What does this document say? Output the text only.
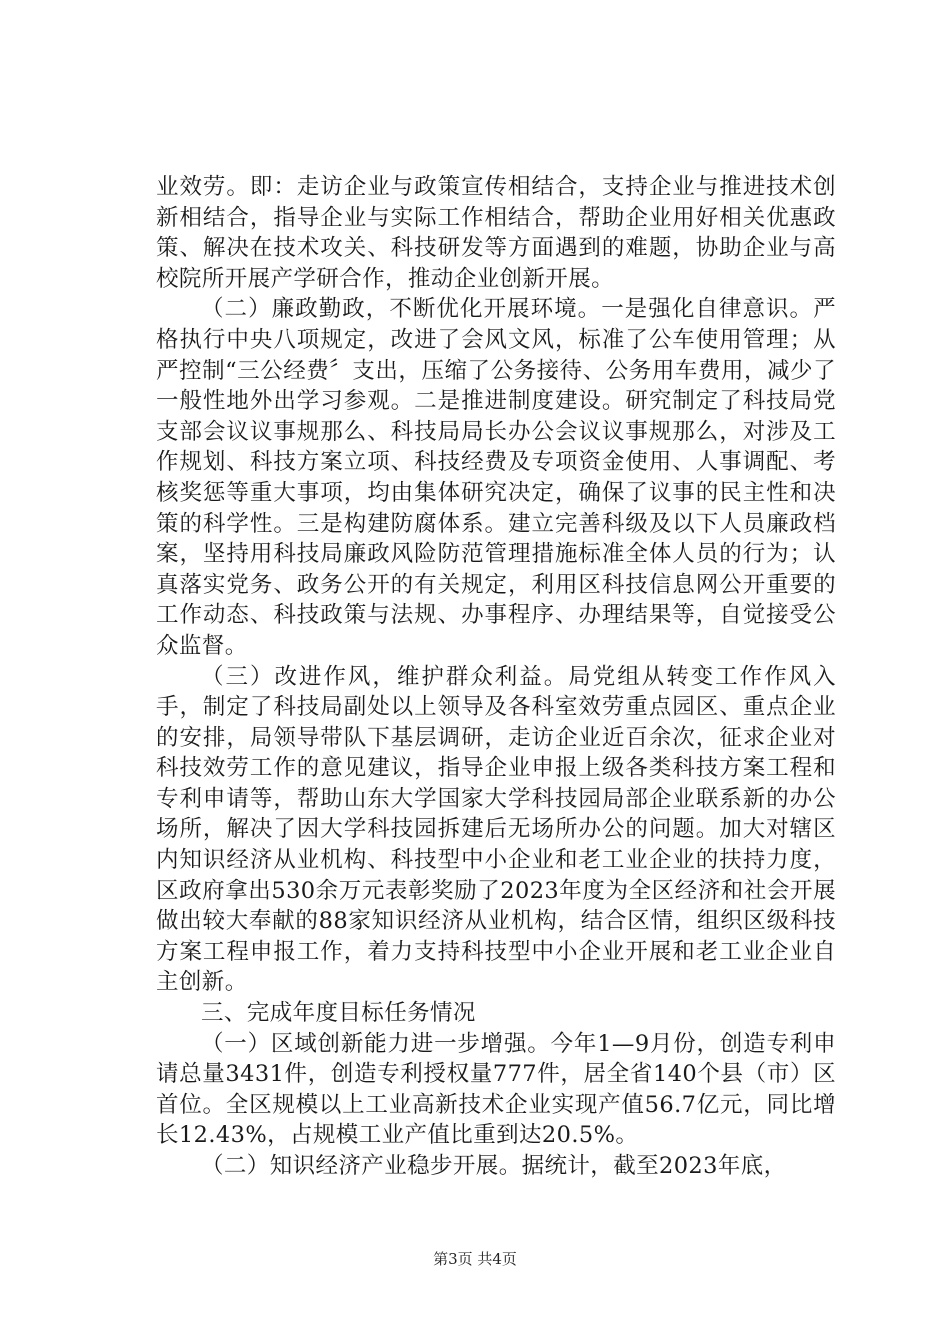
业效劳。即：走访企业与政策宣传相结合，支持企业与推进技术创新相结合，指导企业与实际工作相结合，帮助企业用好相关优惠政策、解决在技术攻关、科技研发等方面遇到的难题，协助企业与高校院所开展产学研合作，推动企业创新开展。

（二）廉政勤政，不断优化开展环境。一是强化自律意识。严格执行中央八项规定，改进了会风文风，标准了公车使用管理；从严控制“三公经费〞支出，压缩了公务接待、公务用车费用，减少了一般性地外出学习参观。二是推进制度建设。研究制定了科技局党支部会议议事规那么、科技局局长办公会议议事规那么，对涉及工作规划、科技方案立项、科技经费及专项资金使用、人事调配、考核奖惩等重大事项，均由集体研究决定，确保了议事的民主性和决策的科学性。三是构建防腐体系。建立完善科级及以下人员廉政档案，坚持用科技局廉政风险防范管理措施标准全体人员的行为；认真落实党务、政务公开的有关规定，利用区科技信息网公开重要的工作动态、科技政策与法规、办事程序、办理结果等，自觉接受公众监督。

（三）改进作风，维护群众利益。局党组从转变工作作风入手，制定了科技局副处以上领导及各科室效劳重点园区、重点企业的安排，局领导带队下基层调研，走访企业近百余次，征求企业对科技效劳工作的意见建议，指导企业申报上级各类科技方案工程和专利申请等，帮助山东大学国家大学科技园局部企业联系新的办公场所，解决了因大学科技园拆建后无场所办公的问题。加大对辖区内知识经济从业机构、科技型中小企业和老工业企业的扶持力度，区政府拿出530余万元表彰奖励了2023年度为全区经济和社会开展做出较大奉献的88家知识经济从业机构，结合区情，组织区级科技方案工程申报工作，着力支持科技型中小企业开展和老工业企业自主创新。

三、完成年度目标任务情况

（一）区域创新能力进一步增强。今年1—9月份，创造专利申请总量3431件，创造专利授权量777件，居全省140个县（市）区首位。全区规模以上工业高新技术企业实现产值56.7亿元，同比增长12.43%，占规模工业产值比重到达20.5%。

（二）知识经济产业稳步开展。据统计，截至2023年底，

第3页 共4页
